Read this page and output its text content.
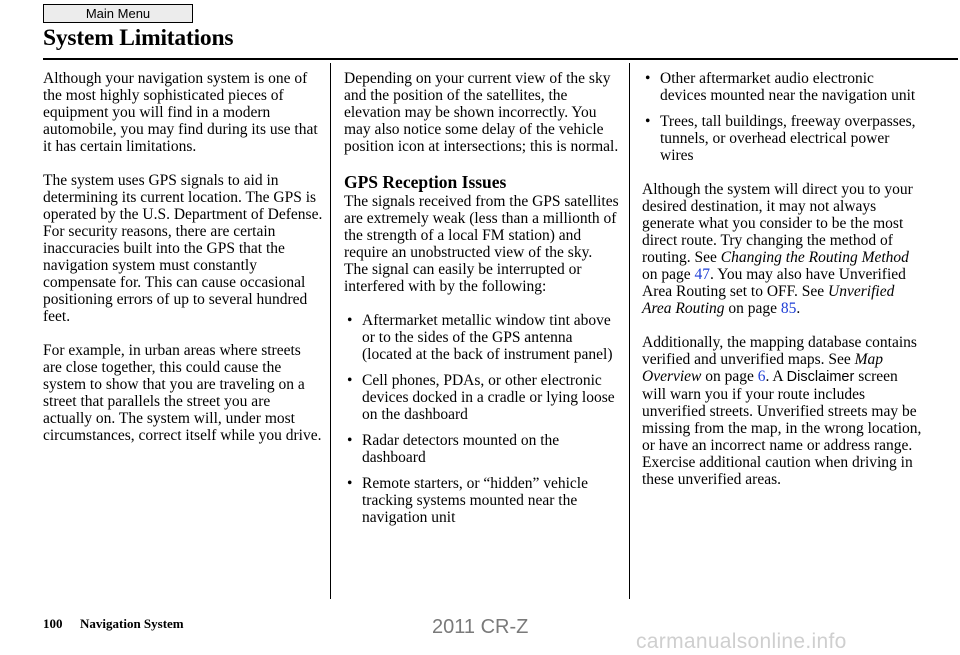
Main Menu
System Limitations

Although your navigation system is one of the most highly sophisticated pieces of equipment you will find in a modern automobile, you may find during its use that it has certain limitations.

The system uses GPS signals to aid in determining its current location. The GPS is operated by the U.S. Department of Defense. For security reasons, there are certain inaccuracies built into the GPS that the navigation system must constantly compensate for. This can cause occasional positioning errors of up to several hundred feet.

For example, in urban areas where streets are close together, this could cause the system to show that you are traveling on a street that parallels the street you are actually on. The system will, under most circumstances, correct itself while you drive.

Depending on your current view of the sky and the position of the satellites, the elevation may be shown incorrectly. You may also notice some delay of the vehicle position icon at intersections; this is normal.

GPS Reception Issues

The signals received from the GPS satellites are extremely weak (less than a millionth of the strength of a local FM station) and require an unobstructed view of the sky. The signal can easily be interrupted or interfered with by the following:

• Aftermarket metallic window tint above or to the sides of the GPS antenna (located at the back of instrument panel)
• Cell phones, PDAs, or other electronic devices docked in a cradle or lying loose on the dashboard
• Radar detectors mounted on the dashboard
• Remote starters, or “hidden” vehicle tracking systems mounted near the navigation unit
• Other aftermarket audio electronic devices mounted near the navigation unit
• Trees, tall buildings, freeway overpasses, tunnels, or overhead electrical power wires

Although the system will direct you to your desired destination, it may not always generate what you consider to be the most direct route. Try changing the method of routing. See Changing the Routing Method on page 47. You may also have Unverified Area Routing set to OFF. See Unverified Area Routing on page 85.

Additionally, the mapping database contains verified and unverified maps. See Map Overview on page 6. A Disclaimer screen will warn you if your route includes unverified streets. Unverified streets may be missing from the map, in the wrong location, or have an incorrect name or address range. Exercise additional caution when driving in these unverified areas.

100 Navigation System	2011 CR-Z
carmanualsonline.info
